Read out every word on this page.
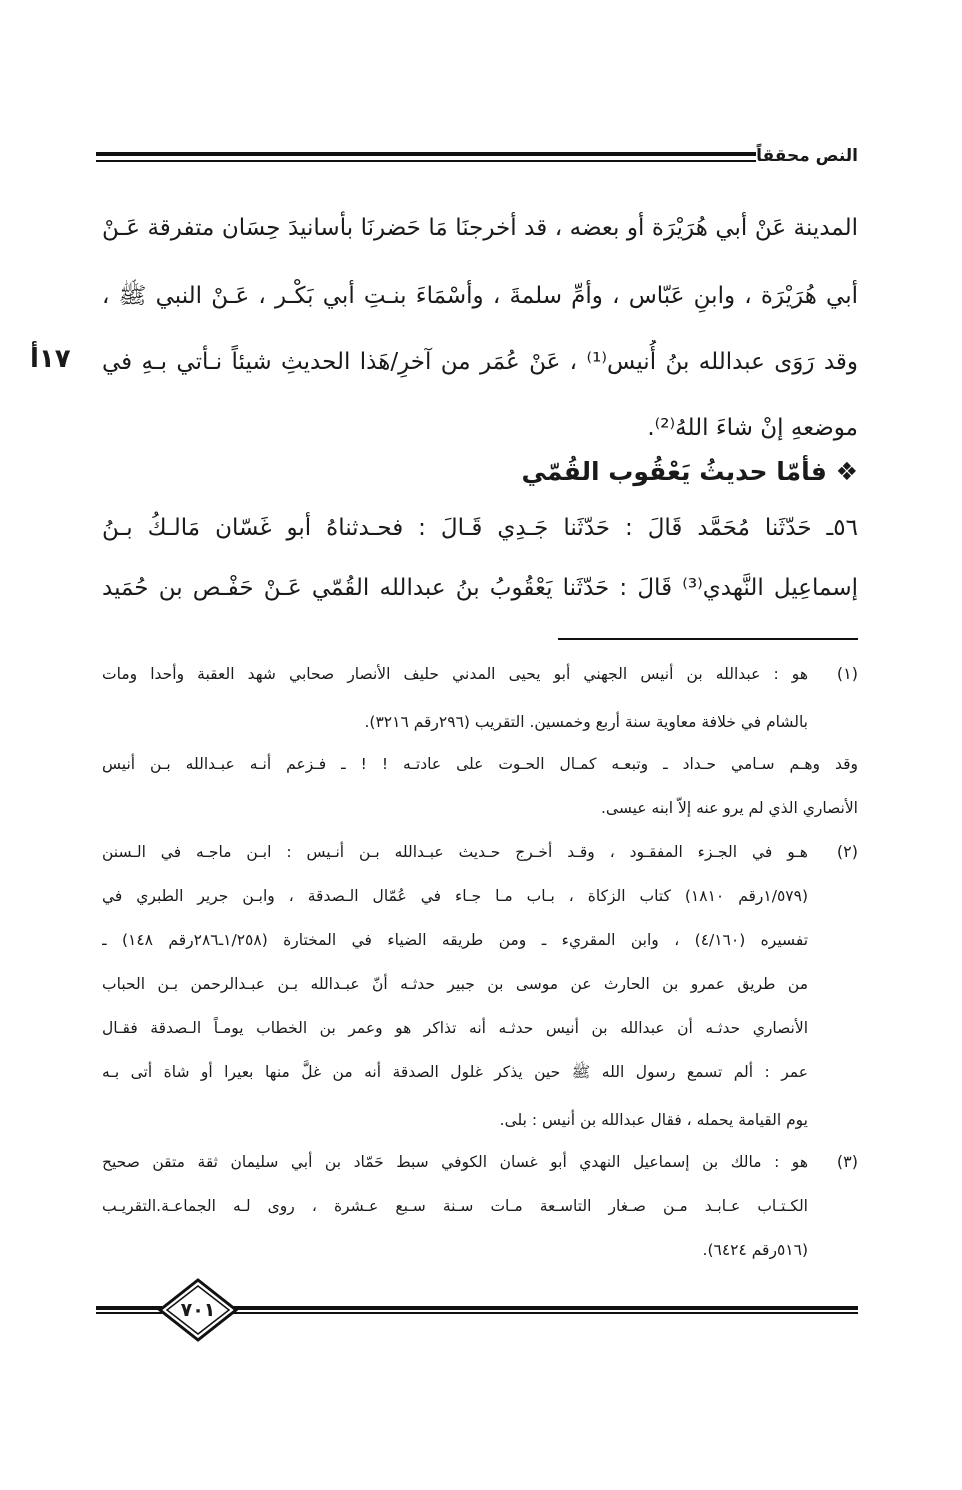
النص محققاً
١٧أ
المدينة عَنْ أبي هُرَيْرَة أو بعضه ، قد أخرجنَا مَا حَضرنَا بأسانيدَ حِسَان متفرقة عَـنْ
أبي هُرَيْرَة ، وابنِ عَبّاس ، وأمِّ سلمةَ ، وأسْمَاءَ بنـتِ أبي بَكْـر ، عَـنْ النبي ﷺ ،
وقد رَوَى عبدالله بنُ أُنيس⁽¹⁾ ، عَنْ عُمَر من آخرِ/هَذا الحديثِ شيئاً نـأتي بـهِ في
موضعهِ إنْ شاءَ اللهُ⁽²⁾.
❖ فأمّا حديثُ يَعْقُوب القُمّي
٥٦ـ حَدّثَنا مُحَمَّد قَالَ : حَدّثَنا جَـدِي قَـالَ : فحـدثناهُ أبو غَسّان مَالـكُ بـنُ
إسماعِيل النَّهدي⁽³⁾ قَالَ : حَدّثَنا يَعْقُوبُ بنُ عبدالله القُمّي عَـنْ حَفْـص بن حُمَيد
(١)
هو : عبدالله بن أنيس الجهني أبو يحيى المدني حليف الأنصار صحابي شهد العقبة وأحدا ومات
بالشام في خلافة معاوية سنة أربع وخمسين. التقريب (٢٩٦رقم ٣٢١٦).
وقد وهـم سـامي حـداد ـ وتبعـه كمـال الحـوت على عادتـه ! ! ـ فـزعم أنـه عبـدالله بـن أنيس
الأنصاري الذي لم يرو عنه إلاّ ابنه عيسى.
(٢)
هـو في الجـزء المفقـود ، وقـد أخـرج حـديث عبـدالله بـن أنـيس : ابـن ماجـه في الـسنن
(١/٥٧٩رقم ١٨١٠) كتاب الزكاة ، بـاب مـا جـاء في عُمّال الـصدقة ، وابـن جرير الطبري في
تفسيره (٤/١٦٠) ، وابن المقريء ـ ومن طريقه الضياء في المختارة (١/٢٥٨ـ٢٨٦رقم ١٤٨) ـ
من طريق عمرو بن الحارث عن موسى بن جبير حدثـه أنّ عبـدالله بـن عبـدالرحمن بـن الحباب
الأنصاري حدثـه أن عبدالله بن أنيس حدثـه أنه تذاكر هو وعمر بن الخطاب يومـاً الـصدقة فقـال
عمر : ألم تسمع رسول الله ﷺ حين يذكر غلول الصدقة أنه من غلَّ منها بعيرا أو شاة أتى بـه
يوم القيامة يحمله ، فقال عبدالله بن أنيس : بلى.
(٣)
هو : مالك بن إسماعيل النهدي أبو غسان الكوفي سبط حَمّاد بن أبي سليمان ثقة متقن صحيح
الكـتـاب عـابـد مـن صـغار التاسـعة مـات سـنة سـبع عـشرة ، روى لـه الجماعـة.التقريـب
(٥١٦رقم ٦٤٢٤).
٧٠١
